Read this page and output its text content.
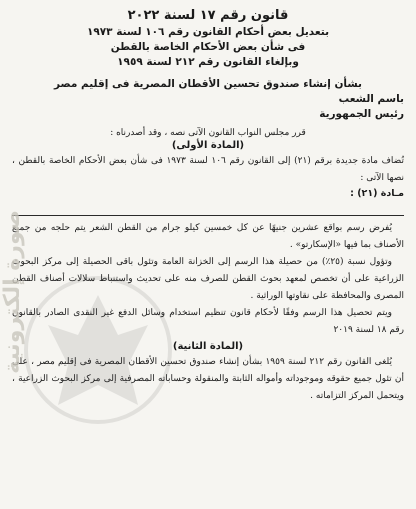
صورة إلكترونية
قانون رقم ١٧ لسنة ٢٠٢٢
بتعديل بعض أحكام القانون رقم ١٠٦ لسنة ١٩٧٣
فى شأن بعض الأحكام الخاصة بالقطن
وبإلغاء القانون رقم ٢١٢ لسنة ١٩٥٩
بشأن إنشاء صندوق تحسين الأقطان المصرية فى إقليم مصر
باسم الشعب
رئيس الجمهورية
قرر مجلس النواب القانون الآتى نصه ، وقد أصدرناه :
(المادة الأولى)

تُضاف مادة جديدة برقم (٢١) إلى القانون رقم ١٠٦ لسنة ١٩٧٣ فى شأن بعض الأحكام الخاصة بالقطن ، نصها الآتى :

مـادة (٢١) :

يُفرض رسم بواقع عشرين جنيهًا عن كل خمسين كيلو جرام من القطن الشعر يتم حلجه من جميع الأصناف بما فيها «الإسكارتو» .

وتؤول نسبة (٢٥٪) من حصيلة هذا الرسم إلى الخزانة العامة وتئول باقى الحصيلة إلى مركز البحوث الزراعية على أن تخصص لمعهد بحوث القطن للصرف منه على تحديث واستنباط سلالات أصناف القطن المصرى والمحافظة على نقاوتها الوراثية .

ويتم تحصيل هذا الرسم وفقًا لأحكام قانون تنظيم استخدام وسائل الدفع غير النقدى الصادر بالقانون رقم ١٨ لسنة ٢٠١٩

(المادة الثانية)

يُلغى القانون رقم ٢١٢ لسنة ١٩٥٩ بشأن إنشاء صندوق تحسين الأقطان المصرية فى إقليم مصر ، على أن تئول جميع حقوقه وموجوداته وأمواله الثابتة والمنقولة وحساباته المصرفية إلى مركز البحوث الزراعية ، ويتحمل المركز التزاماته .
